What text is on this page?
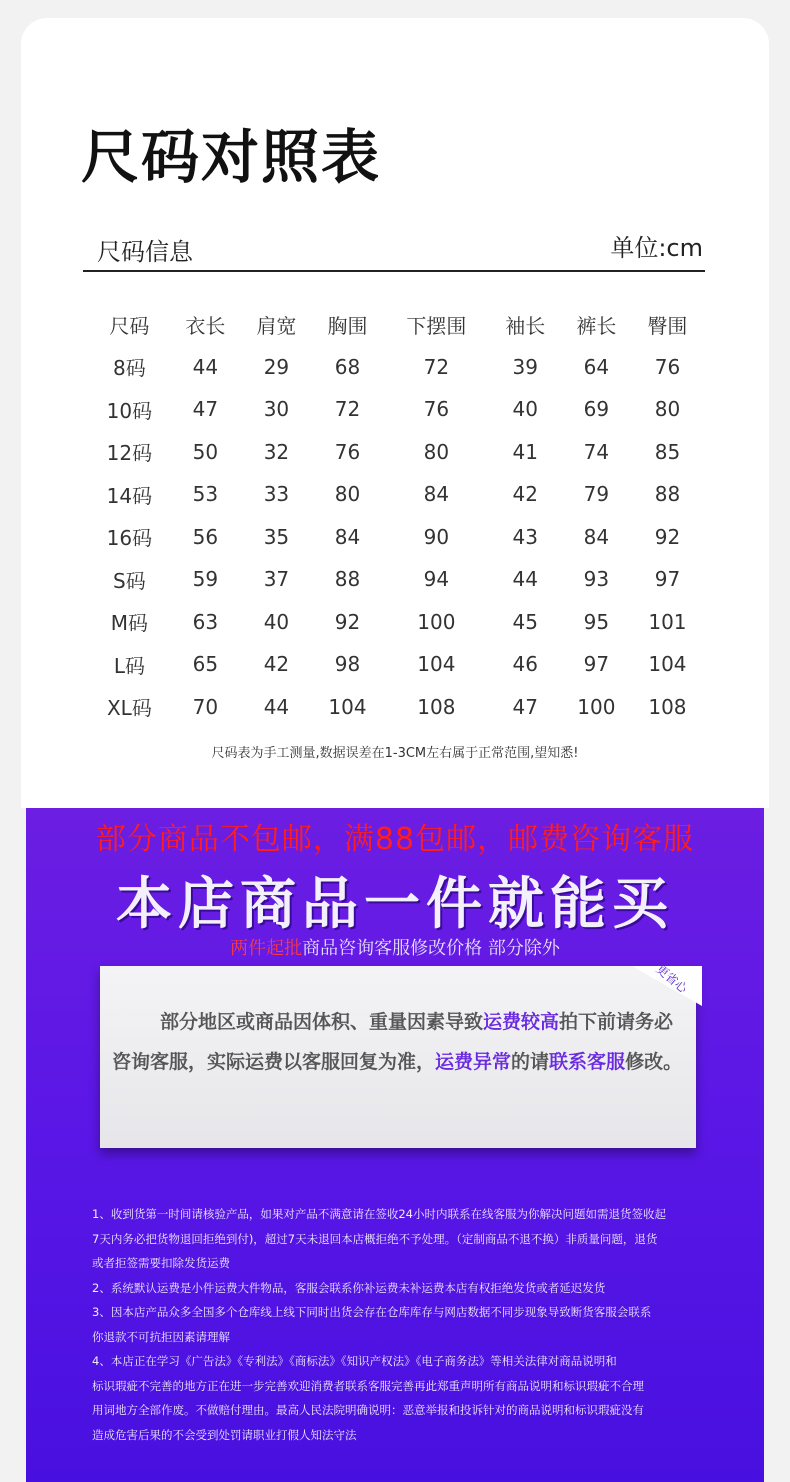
尺码对照表
尺码信息	单位:cm
尺码	衣长	肩宽	胸围	下摆围	袖长	裤长	臀围
8码	44	29	68	72	39	64	76
10码	47	30	72	76	40	69	80
12码	50	32	76	80	41	74	85
14码	53	33	80	84	42	79	88
16码	56	35	84	90	43	84	92
S码	59	37	88	94	44	93	97
M码	63	40	92	100	45	95	101
L码	65	42	98	104	46	97	104
XL码	70	44	104	108	47	100	108
尺码表为手工测量,数据误差在1-3CM左右属于正常范围,望知悉!
部分商品不包邮，满88包邮，邮费咨询客服
本店商品一件就能买
两件起批商品咨询客服修改价格 部分除外
更省心
部分地区或商品因体积、重量因素导致运费较高拍下前请务必咨询客服，实际运费以客服回复为准，运费异常的请联系客服修改。

1、收到货第一时间请核验产品，如果对产品不满意请在签收24小时内联系在线客服为你解决问题如需退货签收起

7天内务必把货物退回拒绝到付)，超过7天未退回本店概拒绝不予处理。（定制商品不退不换）非质量问题，退货

或者拒签需要扣除发货运费

2、系统默认运费是小件运费大件物品，客服会联系你补运费未补运费本店有权拒绝发货或者延迟发货

3、因本店产品众多全国多个仓库线上线下同时出货会存在仓库库存与网店数据不同步现象导致断货客服会联系

你退款不可抗拒因素请理解

4、本店正在学习《广告法》《专利法》《商标法》《知识产权法》《电子商务法》等相关法律对商品说明和

标识瑕疵不完善的地方正在进一步完善欢迎消费者联系客服完善再此郑重声明所有商品说明和标识瑕疵不合理

用词地方全部作废。不做赔付理由。最高人民法院明确说明：恶意举报和投诉针对的商品说明和标识瑕疵没有

造成危害后果的不会受到处罚请职业打假人知法守法
